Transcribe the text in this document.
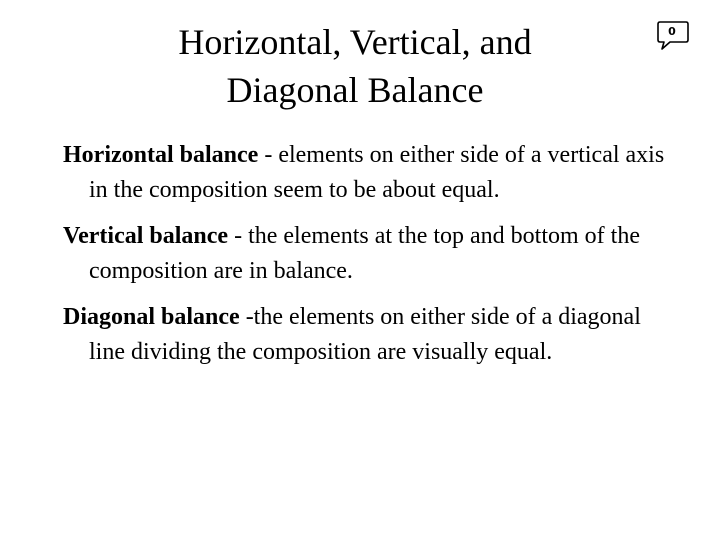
Horizontal, Vertical, and
Diagonal Balance
0

Horizontal balance - elements on either side of a vertical axis in the composition seem to be about equal.

Vertical balance - the elements at the top and bottom of the composition are in balance.

Diagonal balance -the elements on either side of a diagonal line dividing the composition are visually equal.
